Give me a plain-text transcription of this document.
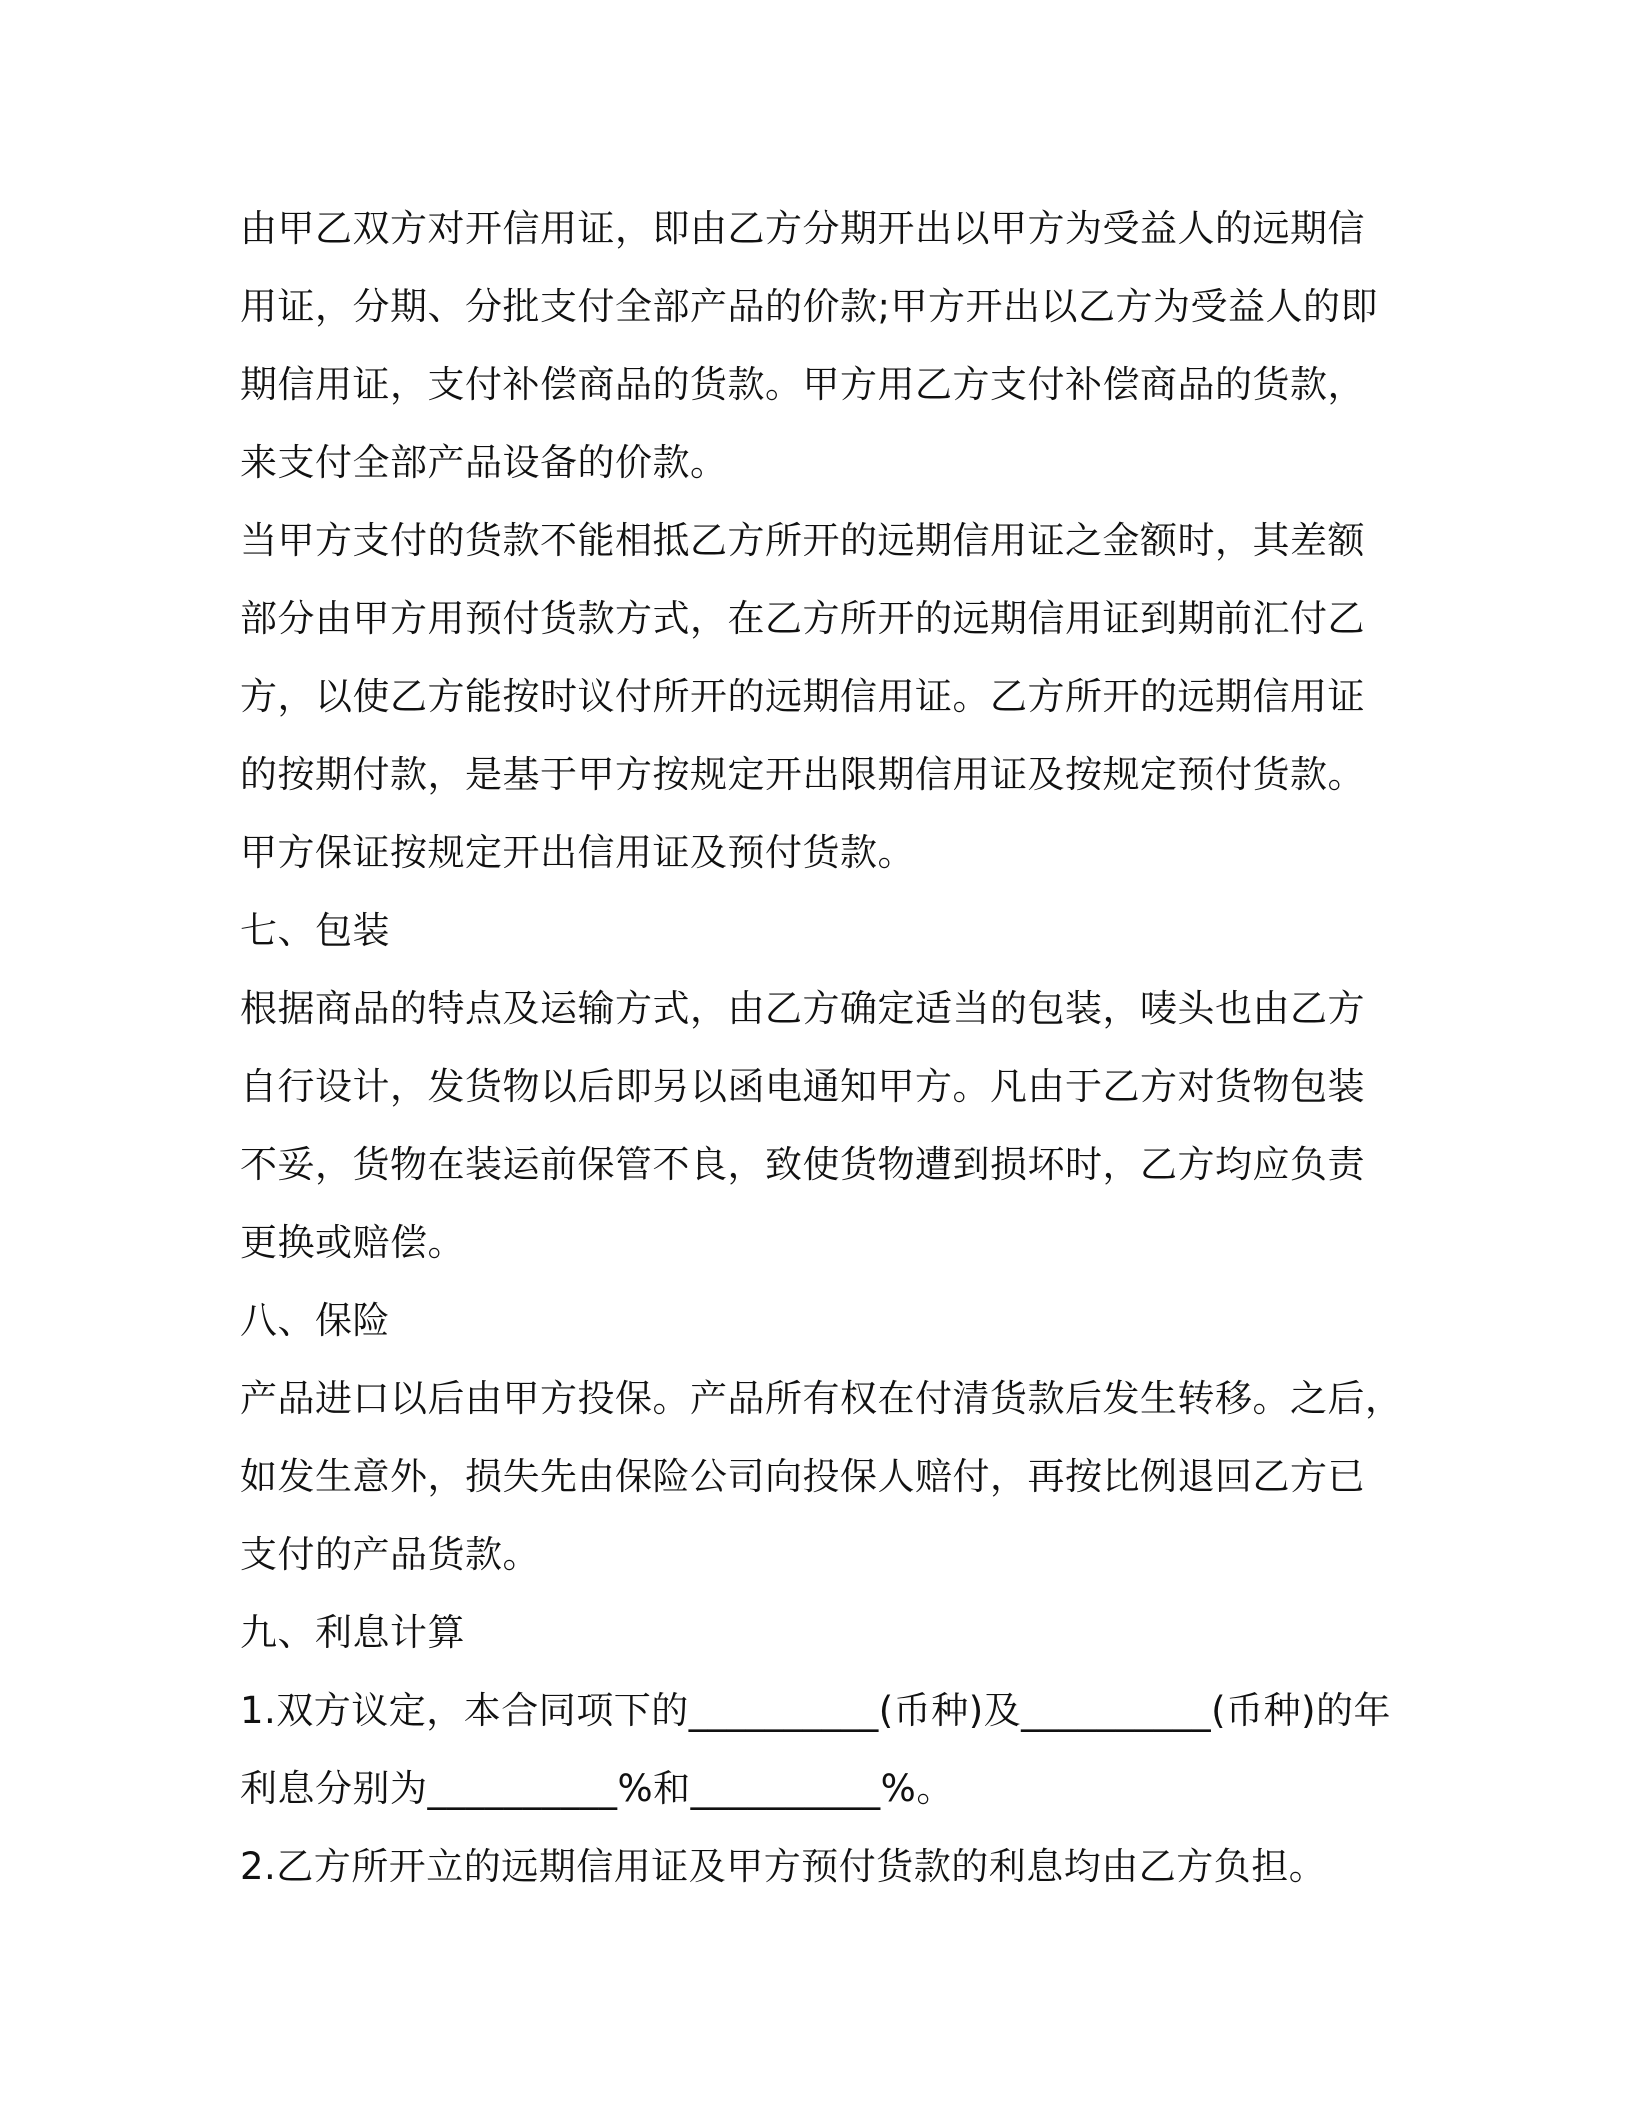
由甲乙双方对开信用证，即由乙方分期开出以甲方为受益人的远期信
用证，分期、分批支付全部产品的价款;甲方开出以乙方为受益人的即
期信用证，支付补偿商品的货款。甲方用乙方支付补偿商品的货款，
来支付全部产品设备的价款。
当甲方支付的货款不能相抵乙方所开的远期信用证之金额时，其差额
部分由甲方用预付货款方式，在乙方所开的远期信用证到期前汇付乙
方，以使乙方能按时议付所开的远期信用证。乙方所开的远期信用证
的按期付款，是基于甲方按规定开出限期信用证及按规定预付货款。
甲方保证按规定开出信用证及预付货款。
七、包装
根据商品的特点及运输方式，由乙方确定适当的包装，唛头也由乙方
自行设计，发货物以后即另以函电通知甲方。凡由于乙方对货物包装
不妥，货物在装运前保管不良，致使货物遭到损坏时，乙方均应负责
更换或赔偿。
八、保险
产品进口以后由甲方投保。产品所有权在付清货款后发生转移。之后，
如发生意外，损失先由保险公司向投保人赔付，再按比例退回乙方已
支付的产品货款。
九、利息计算
1.双方议定，本合同项下的__________(币种)及__________(币种)的年
利息分别为__________%和__________%。
2.乙方所开立的远期信用证及甲方预付货款的利息均由乙方负担。
